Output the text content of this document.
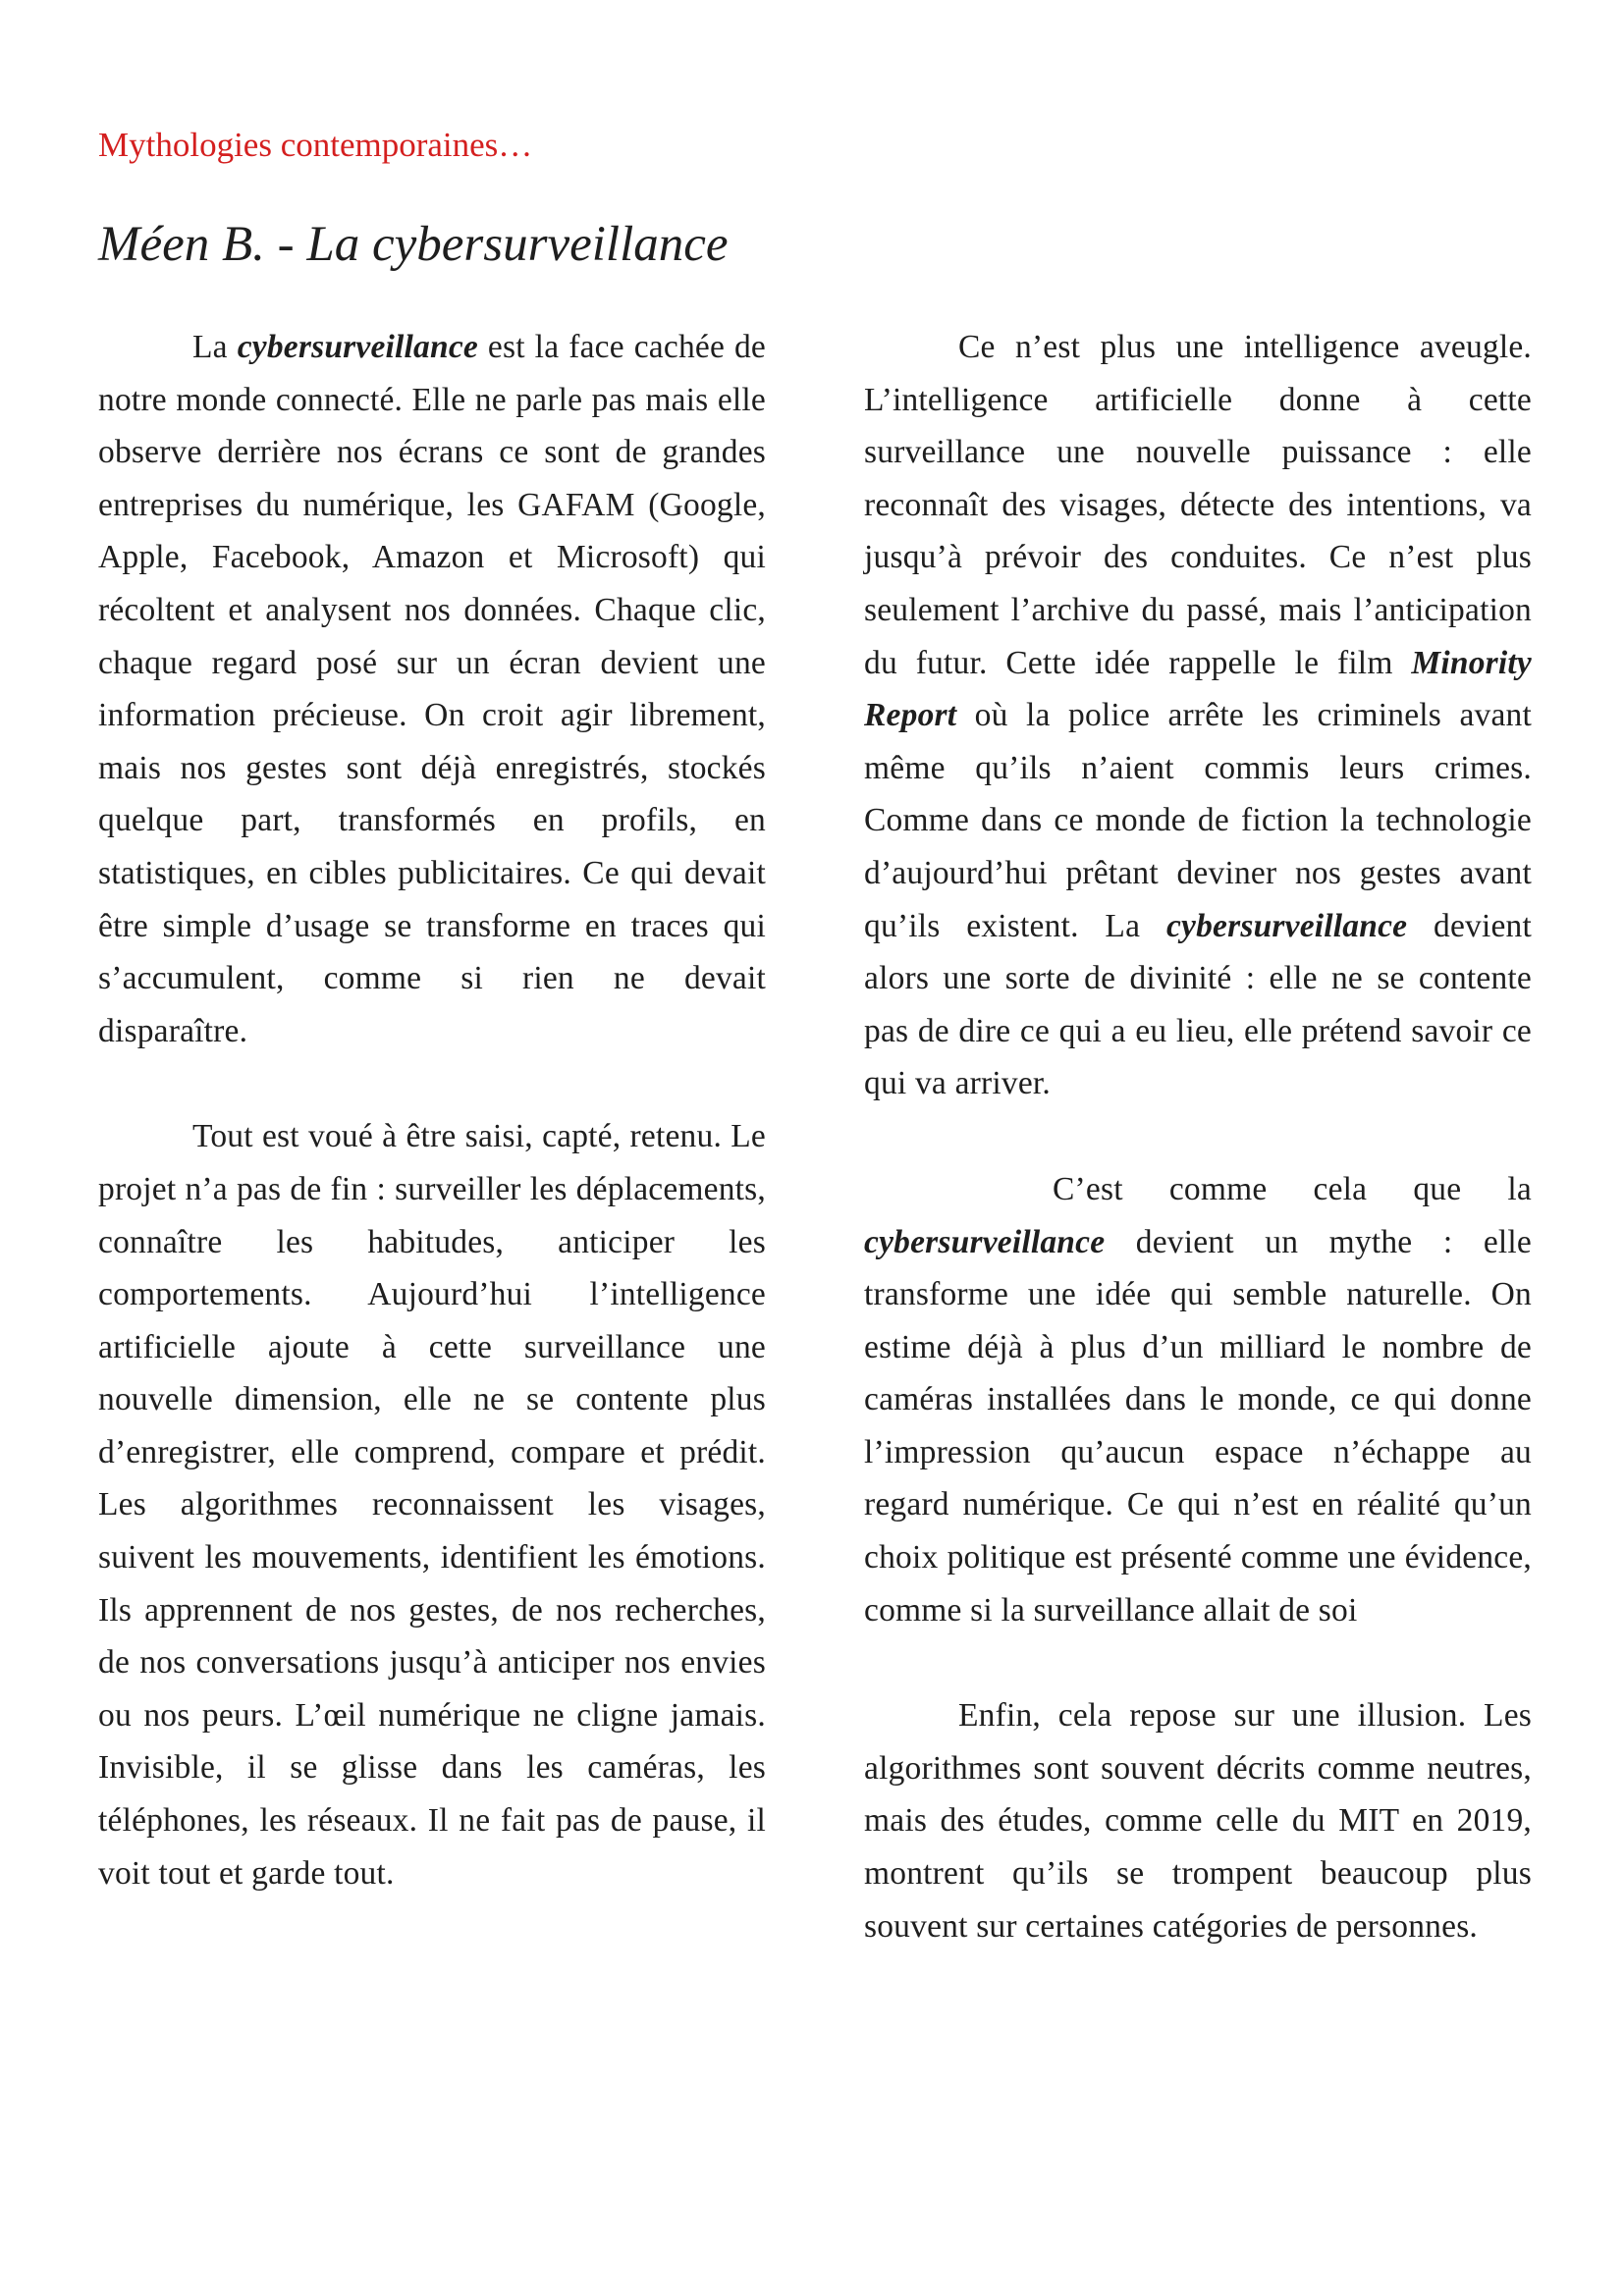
Mythologies contemporaines…
Méen B. - La cybersurveillance

La cybersurveillance est la face cachée de notre monde connecté. Elle ne parle pas mais elle observe derrière nos écrans ce sont de grandes entreprises du numérique, les GAFAM (Google, Apple, Facebook, Amazon et Microsoft) qui récoltent et analysent nos données. Chaque clic, chaque regard posé sur un écran devient une information précieuse. On croit agir librement, mais nos gestes sont déjà enregistrés, stockés quelque part, transformés en profils, en statistiques, en cibles publicitaires. Ce qui devait être simple d’usage se transforme en traces qui s’accumulent, comme si rien ne devait disparaître.

Tout est voué à être saisi, capté, retenu. Le projet n’a pas de fin : surveiller les déplacements, connaître les habitudes, anticiper les comportements. Aujourd’hui l’intelligence artificielle ajoute à cette surveillance une nouvelle dimension, elle ne se contente plus d’enregistrer, elle comprend, compare et prédit. Les algorithmes reconnaissent les visages, suivent les mouvements, identifient les émotions. Ils apprennent de nos gestes, de nos recherches, de nos conversations jusqu’à anticiper nos envies ou nos peurs. L’œil numérique ne cligne jamais. Invisible, il se glisse dans les caméras, les téléphones, les réseaux. Il ne fait pas de pause, il voit tout et garde tout.

Ce n’est plus une intelligence aveugle. L’intelligence artificielle donne à cette surveillance une nouvelle puissance : elle reconnaît des visages, détecte des intentions, va jusqu’à prévoir des conduites. Ce n’est plus seulement l’archive du passé, mais l’anticipation du futur. Cette idée rappelle le film Minority Report où la police arrête les criminels avant même qu’ils n’aient commis leurs crimes. Comme dans ce monde de fiction la technologie d’aujourd’hui prêtant deviner nos gestes avant qu’ils existent. La cybersurveillance devient alors une sorte de divinité : elle ne se contente pas de dire ce qui a eu lieu, elle prétend savoir ce qui va arriver.

C’est comme cela que la cybersurveillance devient un mythe : elle transforme une idée qui semble naturelle. On estime déjà à plus d’un milliard le nombre de caméras installées dans le monde, ce qui donne l’impression qu’aucun espace n’échappe au regard numérique. Ce qui n’est en réalité qu’un choix politique est présenté comme une évidence, comme si la surveillance allait de soi

Enfin, cela repose sur une illusion. Les algorithmes sont souvent décrits comme neutres, mais des études, comme celle du MIT en 2019, montrent qu’ils se trompent beaucoup plus souvent sur certaines catégories de personnes.
